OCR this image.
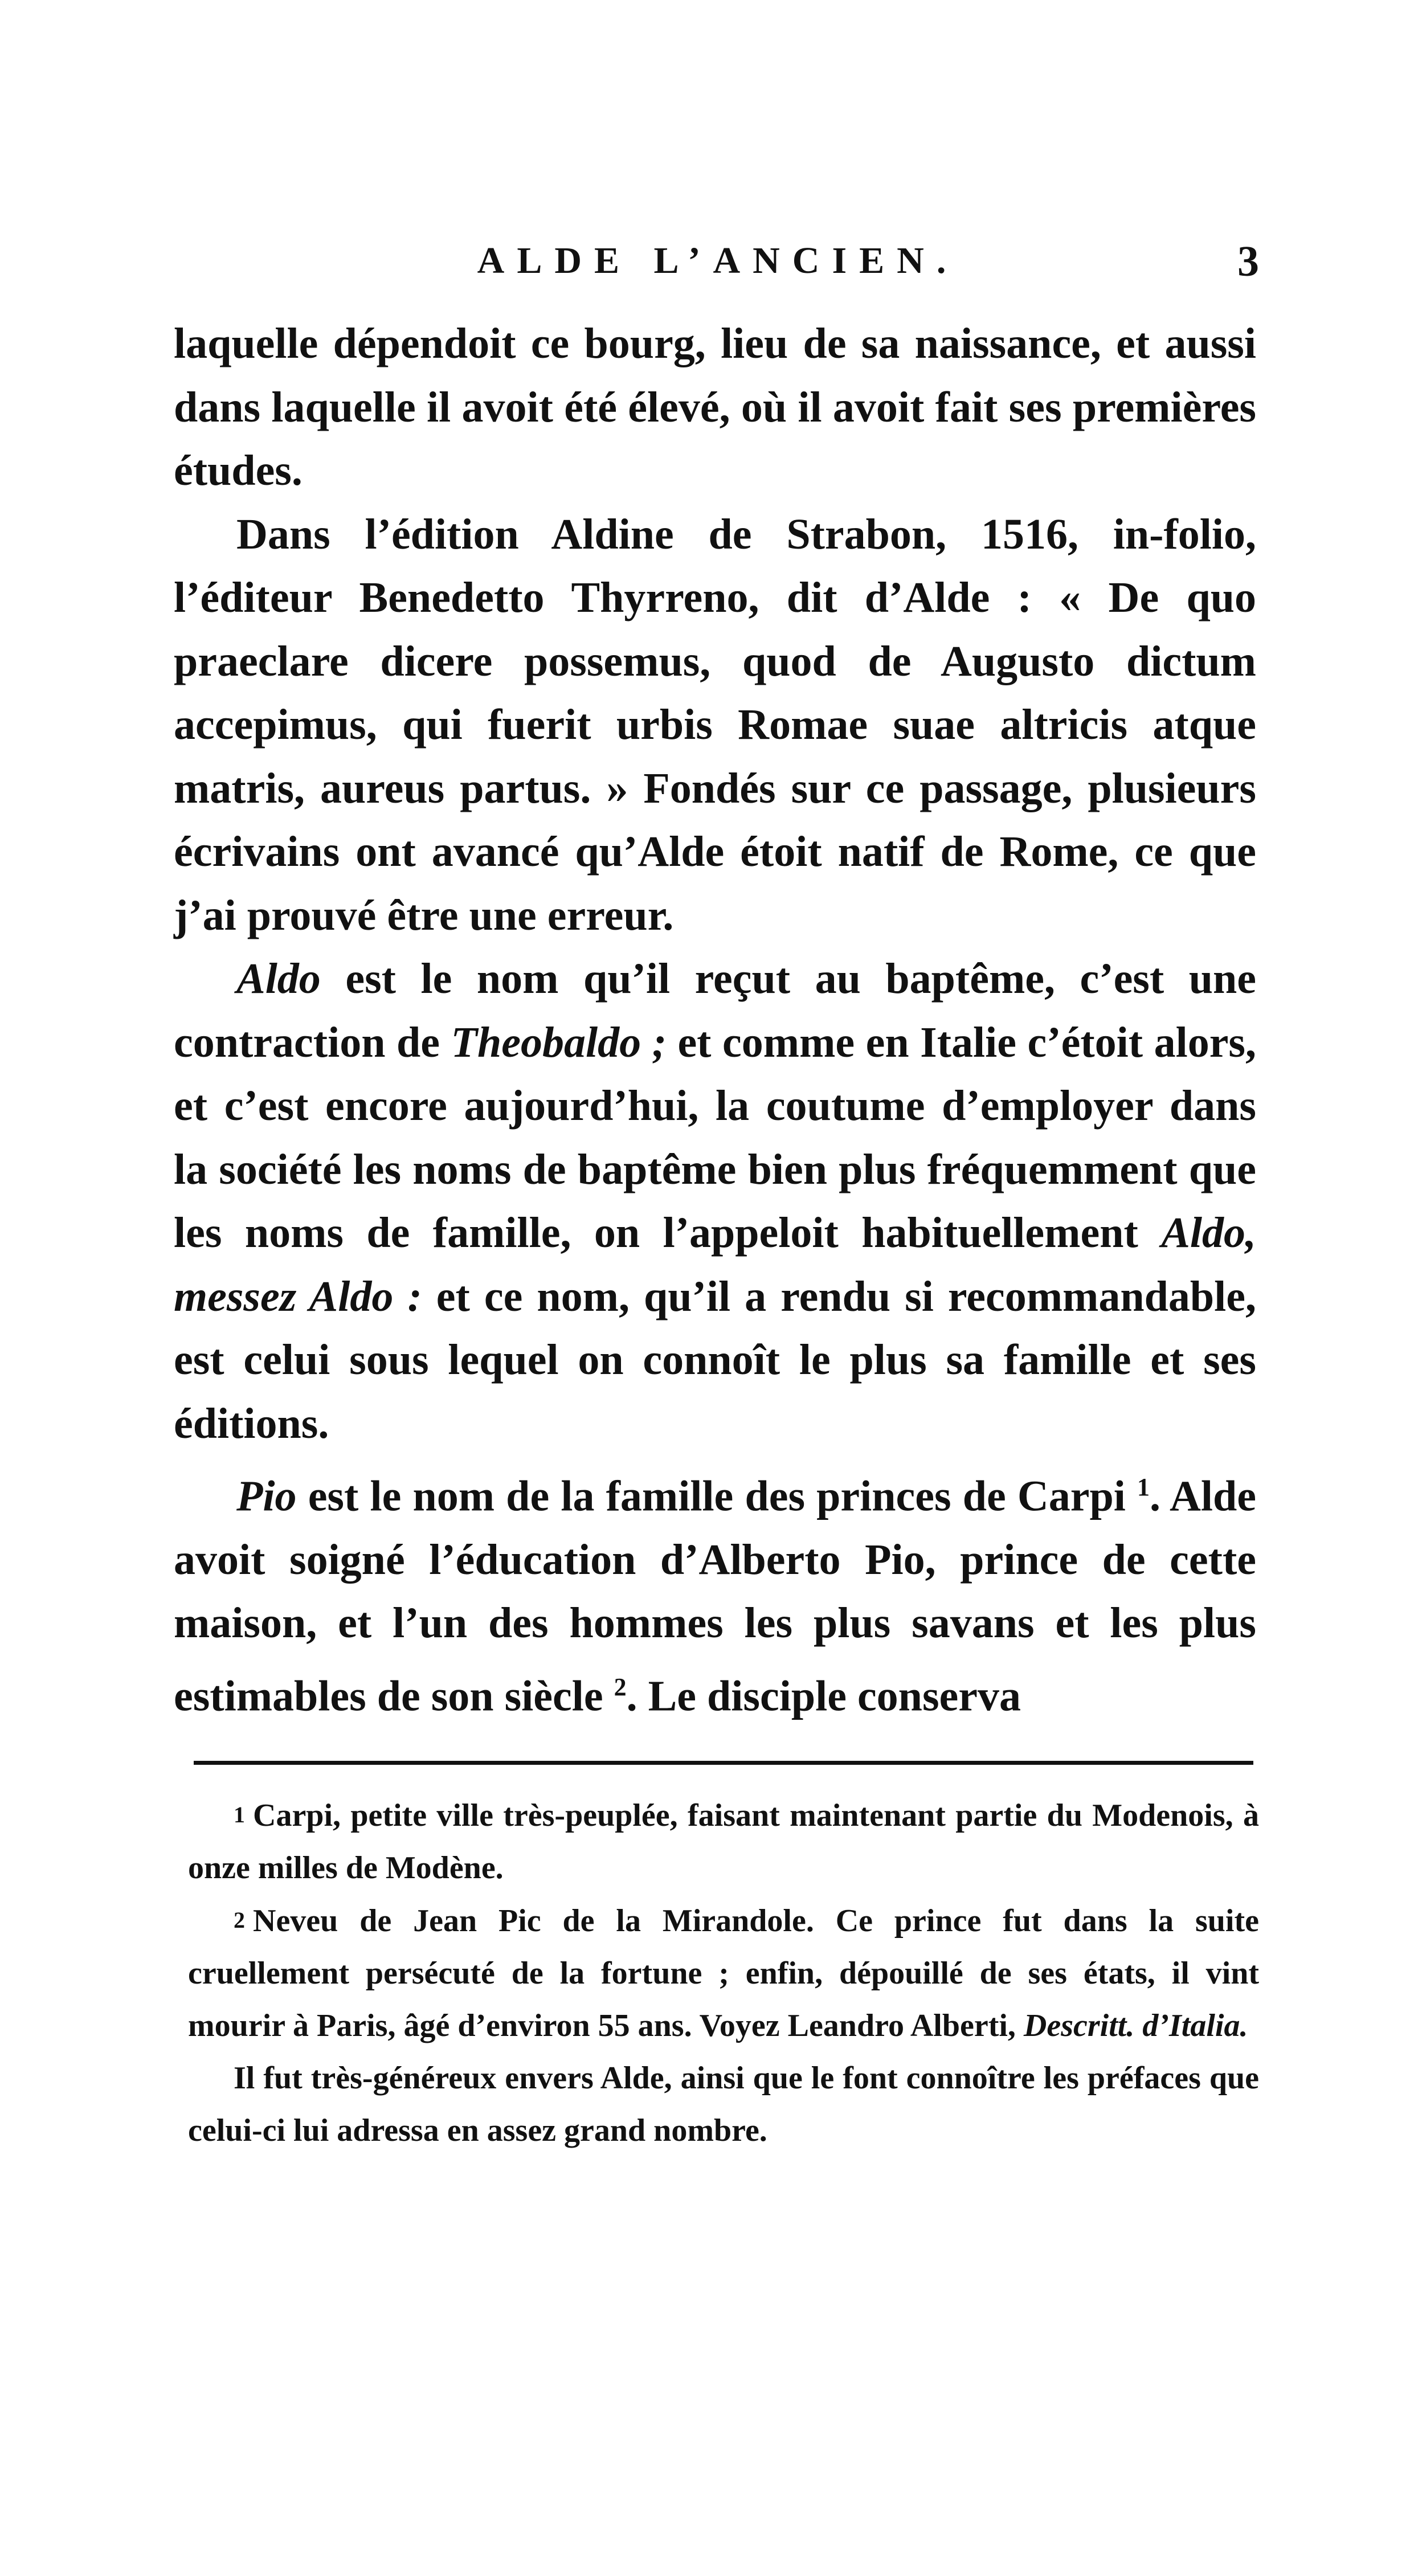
ALDE L’ANCIEN.	3

laquelle dépendoit ce bourg, lieu de sa naissance, et aussi dans laquelle il avoit été élevé, où il avoit fait ses premières études.

Dans l’édition Aldine de Strabon, 1516, in-folio, l’éditeur Benedetto Thyrreno, dit d’Alde : « De quo praeclare dicere possemus, quod de Augusto dictum accepimus, qui fuerit urbis Romae suae altricis atque matris, aureus partus. » Fondés sur ce passage, plusieurs écrivains ont avancé qu’Alde étoit natif de Rome, ce que j’ai prouvé être une erreur.

Aldo est le nom qu’il reçut au baptême, c’est une contraction de Theobaldo ; et comme en Italie c’étoit alors, et c’est encore aujourd’hui, la coutume d’employer dans la société les noms de baptême bien plus fréquemment que les noms de famille, on l’appeloit habituellement Aldo, messez Aldo : et ce nom, qu’il a rendu si recommandable, est celui sous lequel on connoît le plus sa famille et ses éditions.

Pio est le nom de la famille des princes de Carpi $^1$. Alde avoit soigné l’éducation d’Alberto Pio, prince de cette maison, et l’un des hommes les plus savans et les plus estimables de son siècle $^2$. Le disciple conserva

1 Carpi, petite ville très-peuplée, faisant maintenant partie du Modenois, à onze milles de Modène.

2 Neveu de Jean Pic de la Mirandole. Ce prince fut dans la suite cruellement persécuté de la fortune ; enfin, dépouillé de ses états, il vint mourir à Paris, âgé d’environ 55 ans. Voyez Leandro Alberti, Descritt. d’Italia.

Il fut très-généreux envers Alde, ainsi que le font connoître les préfaces que celui-ci lui adressa en assez grand nombre.
